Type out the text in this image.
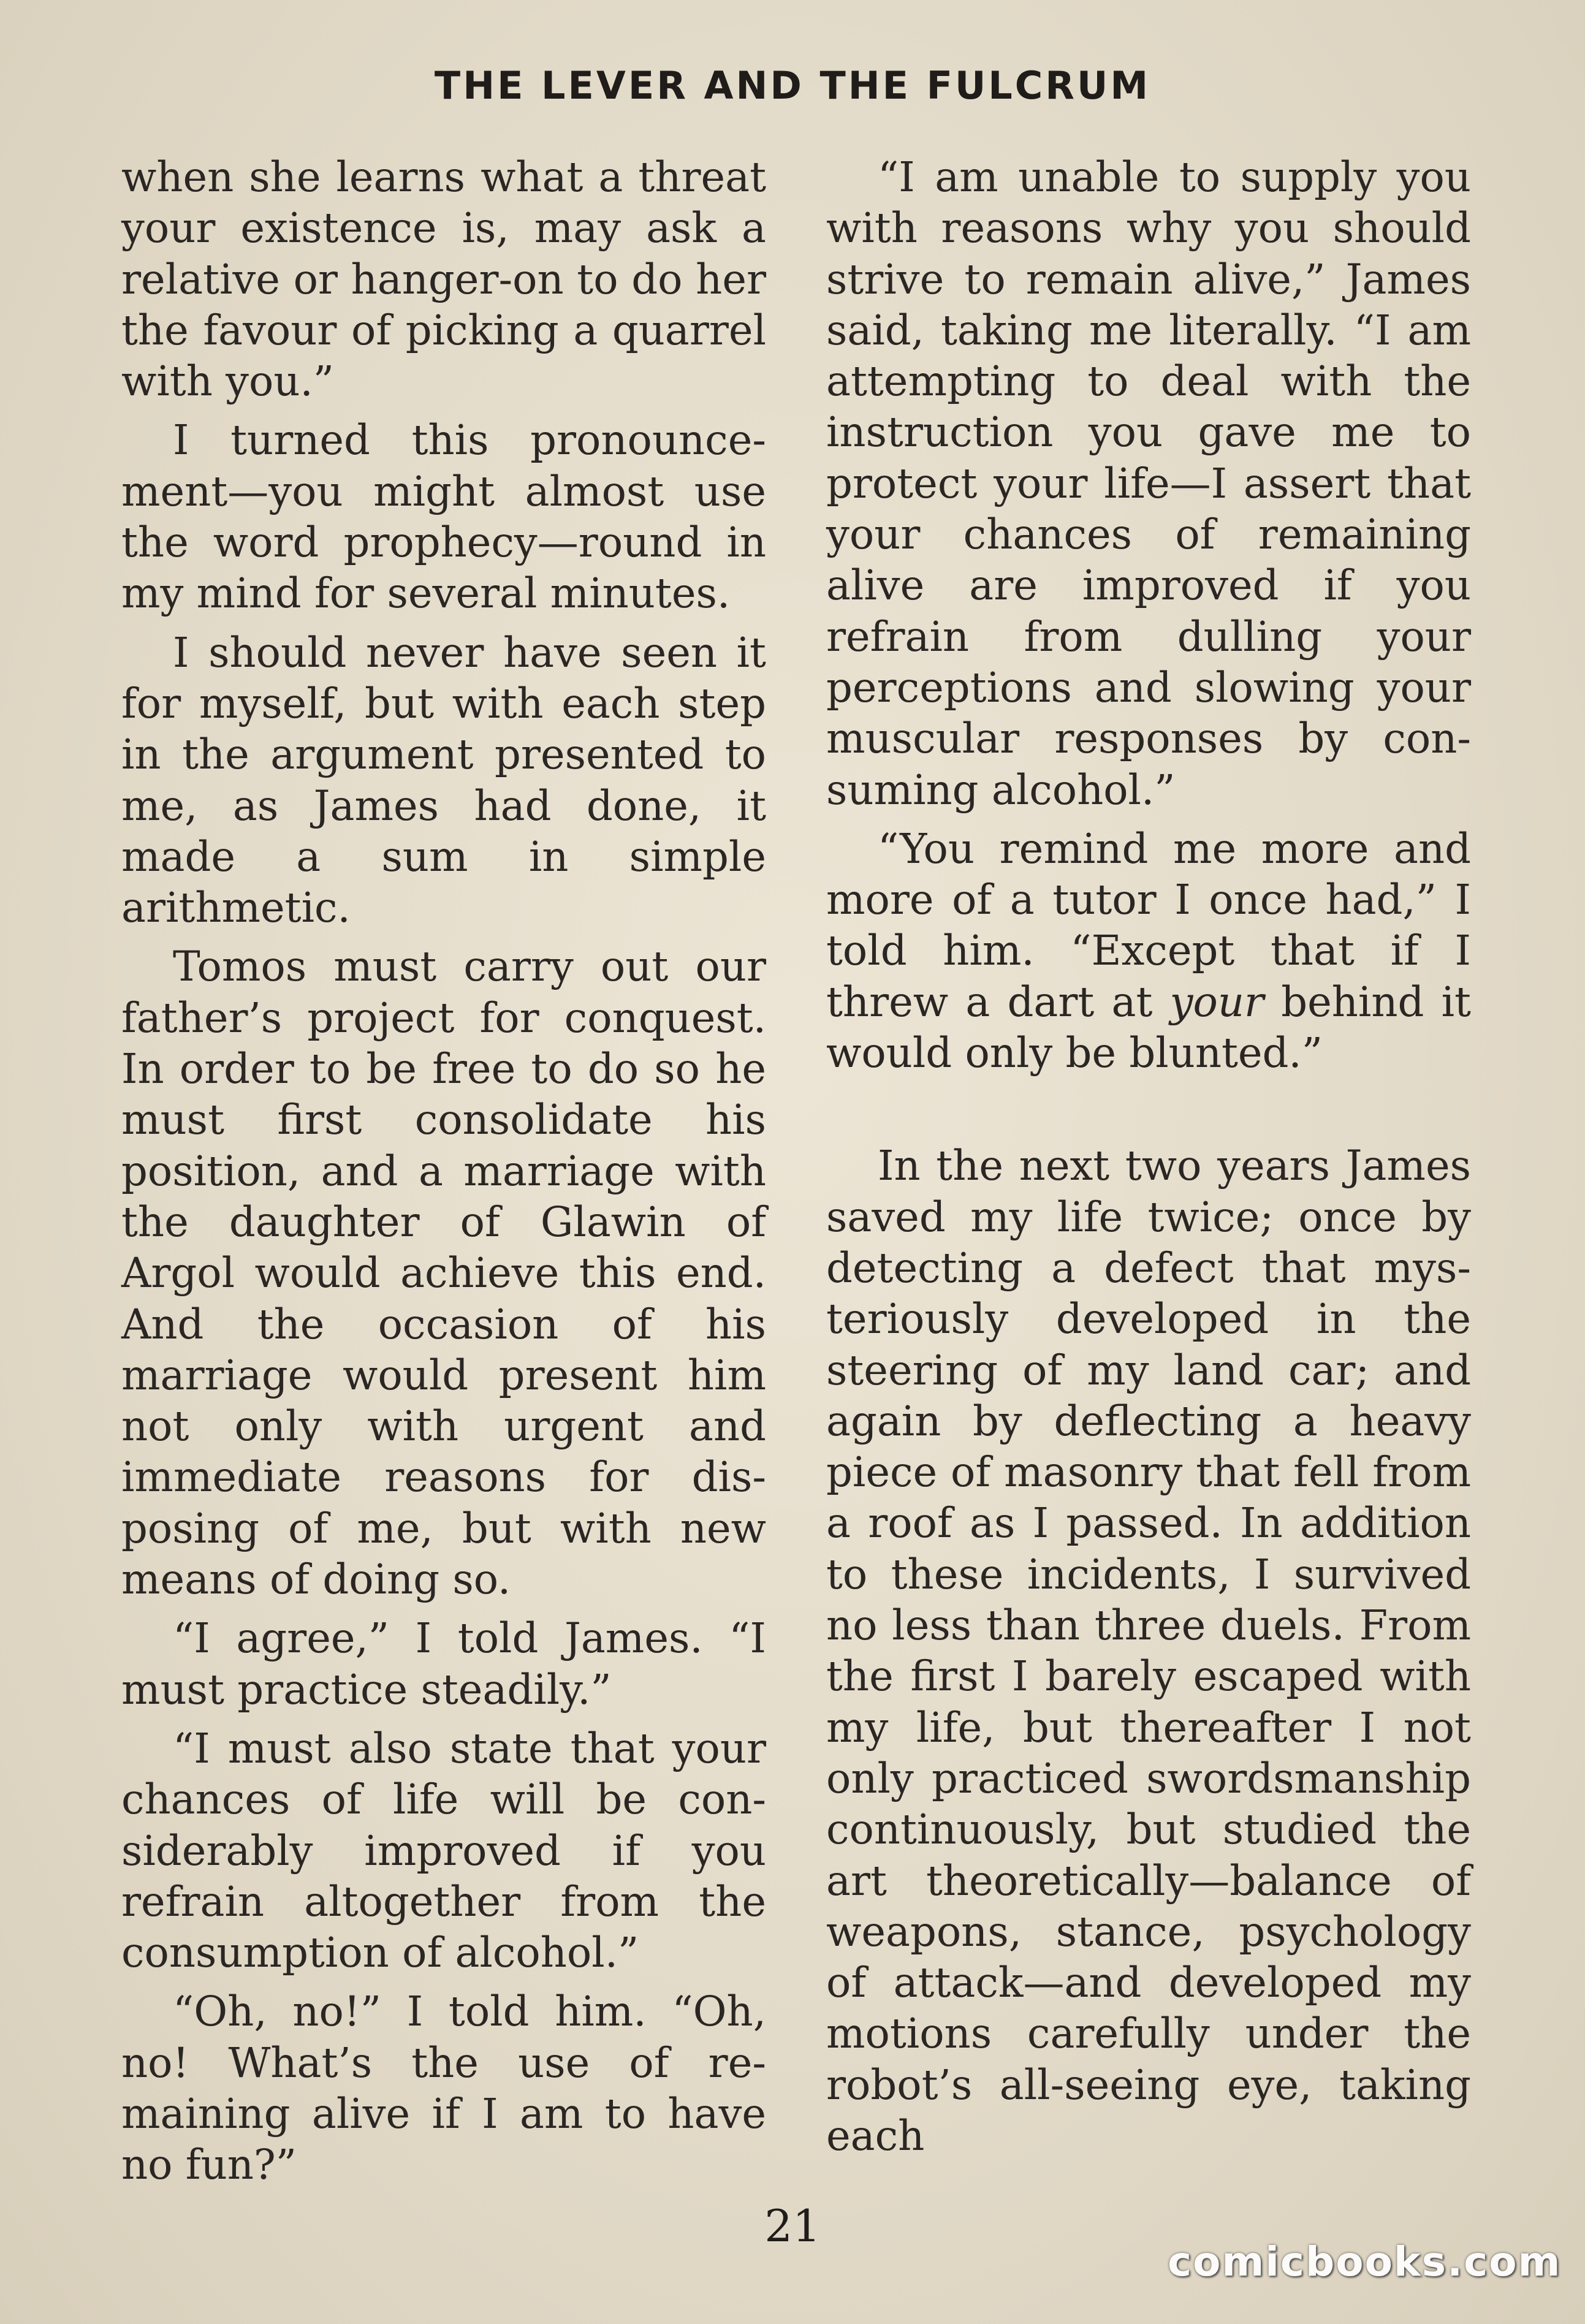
THE LEVER AND THE FULCRUM

when she learns what a threat your existence is, may ask a relative or hanger-on to do her the favour of picking a quarrel with you.”

I turned this pronouncement—you might almost use the word prophecy—round in my mind for several minutes.

I should never have seen it for myself, but with each step in the argument presented to me, as James had done, it made a sum in simple arithmetic.

Tomos must carry out our father’s project for conquest. In order to be free to do so he must first consolidate his position, and a marriage with the daughter of Glawin of Argol would achieve this end. And the occasion of his marriage would present him not only with urgent and immediate reasons for disposing of me, but with new means of doing so.

“I agree,” I told James. “I must practice steadily.”

“I must also state that your chances of life will be considerably improved if you refrain altogether from the consumption of alcohol.”

“Oh, no!” I told him. “Oh, no! What’s the use of remaining alive if I am to have no fun?”

“I am unable to supply you with reasons why you should strive to remain alive,” James said, taking me literally. “I am attempting to deal with the instruction you gave me to protect your life—I assert that your chances of remaining alive are improved if you refrain from dulling your perceptions and slowing your muscular responses by consuming alcohol.”

“You remind me more and more of a tutor I once had,” I told him. “Except that if I threw a dart at your behind it would only be blunted.”

In the next two years James saved my life twice; once by detecting a defect that mysteriously developed in the steering of my land car; and again by deflecting a heavy piece of masonry that fell from a roof as I passed. In addition to these incidents, I survived no less than three duels. From the first I barely escaped with my life, but thereafter I not only practiced swordsmanship continuously, but studied the art theoretically—balance of weapons, stance, psychology of attack—and developed my motions carefully under the robot’s all-seeing eye, taking each

21
comicbooks.com
